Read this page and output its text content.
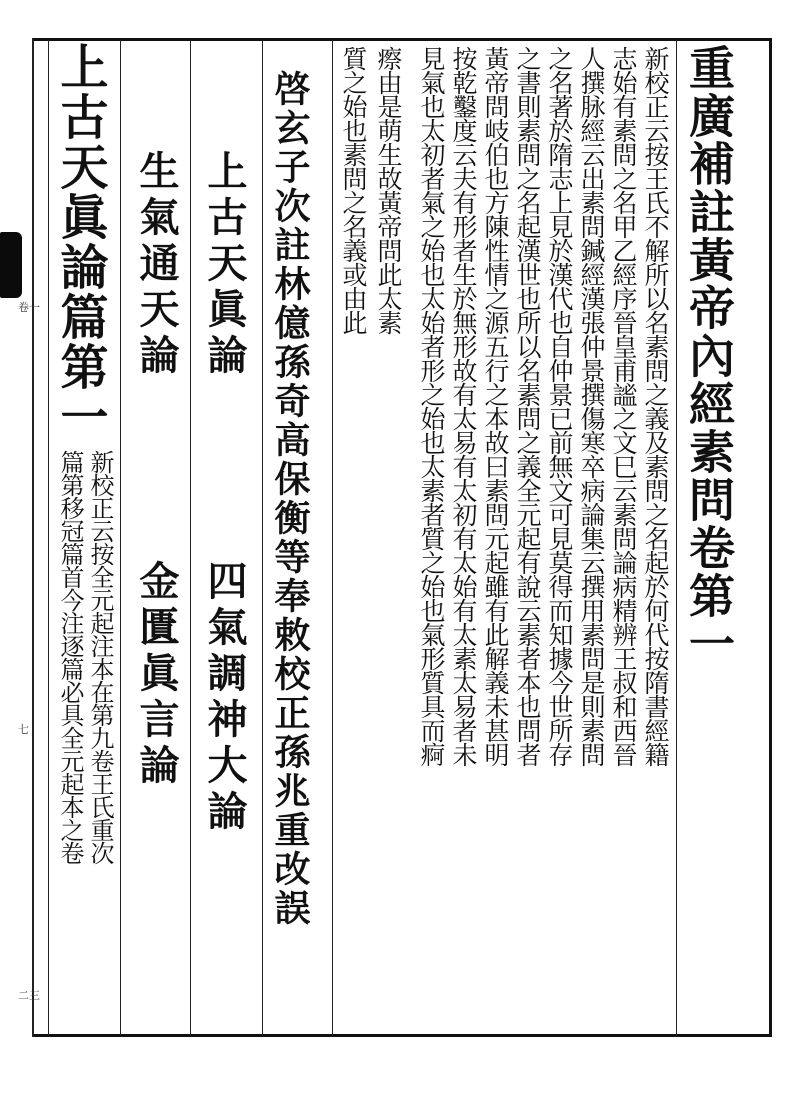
卷一
七
二三
重廣補註黃帝內經素問卷第一
新校正云按王氏不解所以名素問之義及素問之名起於何代按隋書經籍
志始有素問之名甲乙經序晉皇甫謐之文巳云素問論病精辨王叔和西晉
人撰脉經云出素問鍼經漢張仲景撰傷寒卒病論集云撰用素問是則素問
之名著於隋志上見於漢代也自仲景已前無文可見莫得而知據今世所存
之書則素問之名起漢世也所以名素問之義全元起有說云素者本也問者
黃帝問岐伯也方陳性情之源五行之本故曰素問元起雖有此解義未甚明
按乾鑿度云夫有形者生於無形故有太易有太初有太始有太素太易者未
見氣也太初者氣之始也太始者形之始也太素者質之始也氣形質具而痾
瘵由是萌生故黃帝問此太素
質之始也素問之名義或由此
啓玄子次註林億孫奇高保衡等奉敕校正孫兆重改誤
上古天眞論
四氣調神大論
生氣通天論
金匱眞言論
上古天眞論篇第一
新校正云按全元起注本在第九卷王氏重次
篇第移冠篇首今注逐篇必具全元起本之卷
